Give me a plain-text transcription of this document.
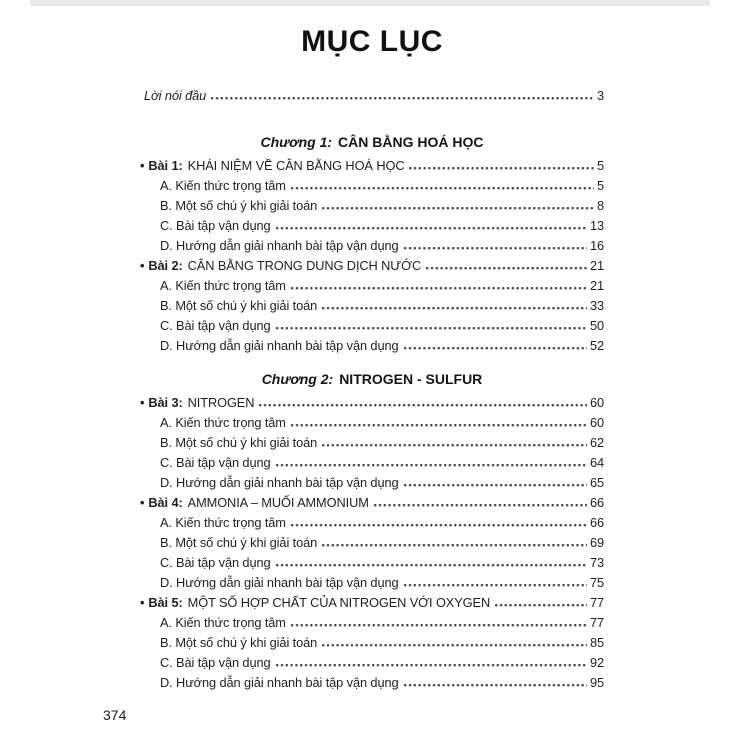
MỤC LỤC
Lời nói đầu	3
Chương 1: CÂN BẰNG HOÁ HỌC
• Bài 1: KHÁI NIỆM VỀ CÂN BẰNG HOÁ HỌC	5
A. Kiến thức trọng tâm	5
B. Một số chú ý khi giải toán	8
C. Bài tập vận dụng	13
D. Hướng dẫn giải nhanh bài tập vận dụng	16
• Bài 2: CÂN BẰNG TRONG DUNG DỊCH NƯỚC	21
A. Kiến thức trọng tâm	21
B. Một số chú ý khi giải toán	33
C. Bài tập vận dụng	50
D. Hướng dẫn giải nhanh bài tập vận dụng	52
Chương 2: NITROGEN - SULFUR
• Bài 3: NITROGEN	60
A. Kiến thức trọng tâm	60
B. Một số chú ý khi giải toán	62
C. Bài tập vận dụng	64
D. Hướng dẫn giải nhanh bài tập vận dụng	65
• Bài 4: AMMONIA – MUỐI AMMONIUM	66
A. Kiến thức trọng tâm	66
B. Một số chú ý khi giải toán	69
C. Bài tập vận dụng	73
D. Hướng dẫn giải nhanh bài tập vận dụng	75
• Bài 5: MỘT SỐ HỢP CHẤT CỦA NITROGEN VỚI OXYGEN	77
A. Kiến thức trọng tâm	77
B. Một số chú ý khi giải toán	85
C. Bài tập vận dụng	92
D. Hướng dẫn giải nhanh bài tập vận dụng	95
374
